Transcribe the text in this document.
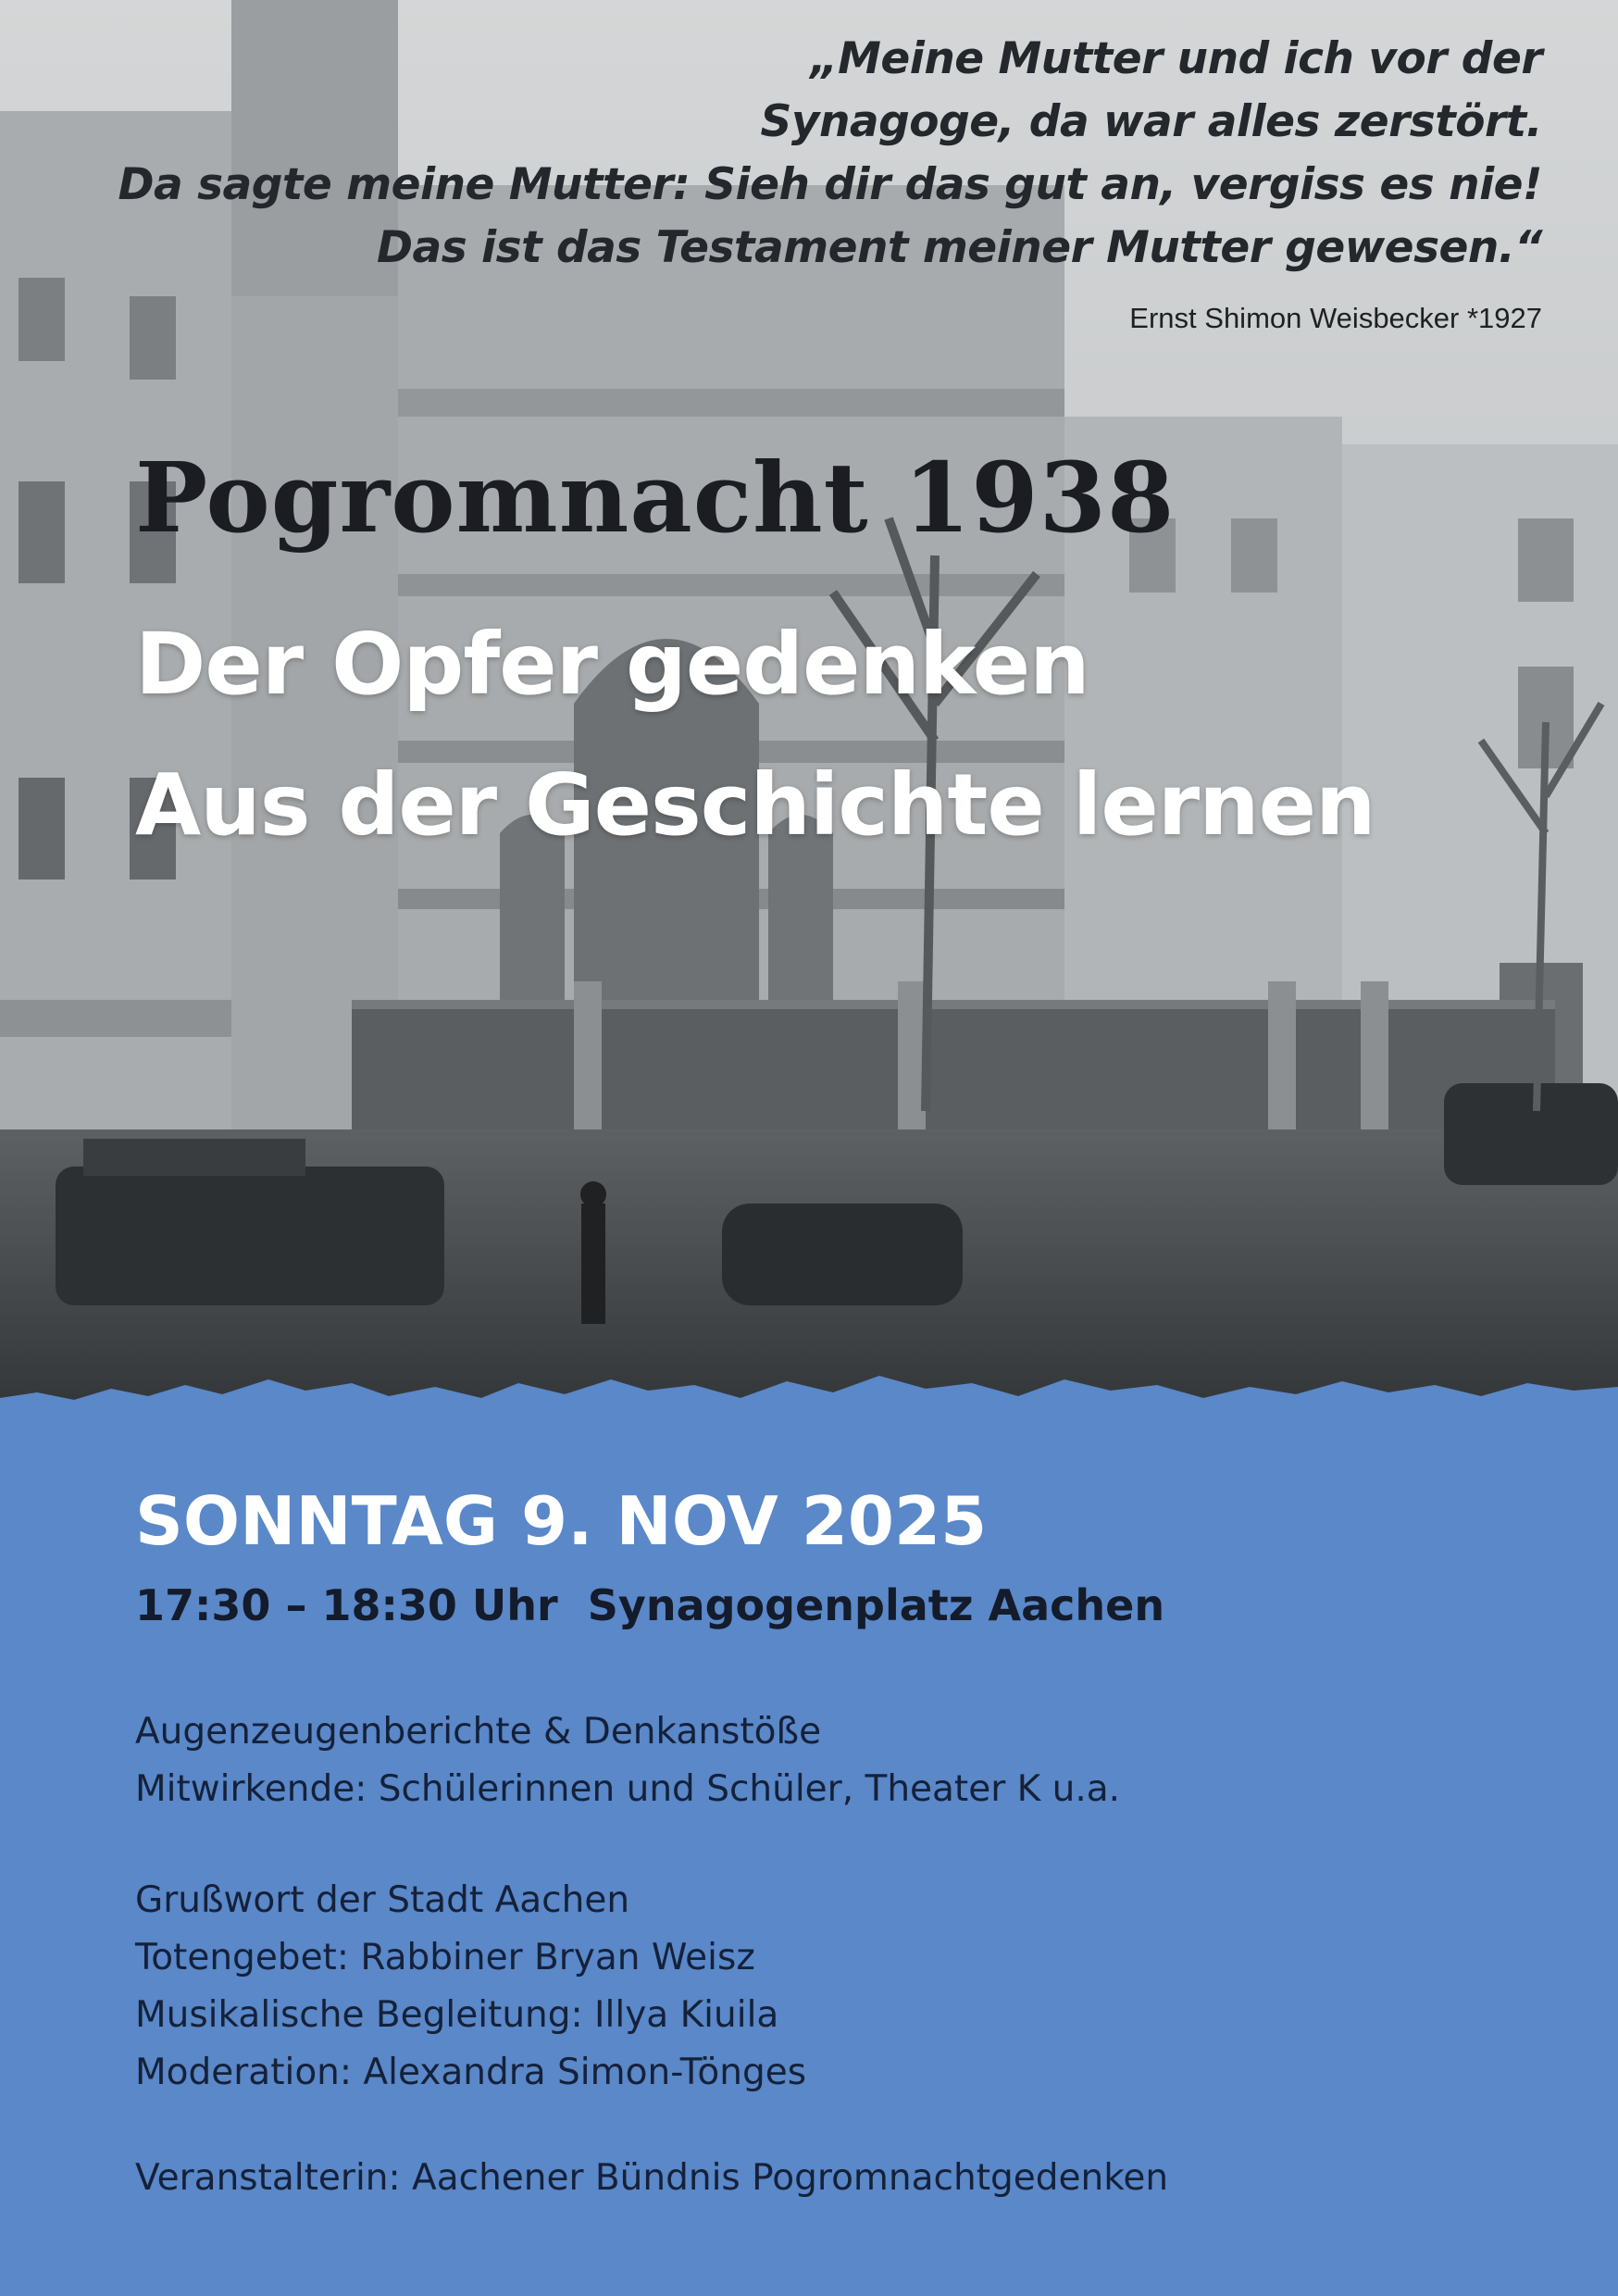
„Meine Mutter und ich vor der
Synagoge, da war alles zerstört.
Da sagte meine Mutter: Sieh dir das gut an, vergiss es nie!
Das ist das Testament meiner Mutter gewesen.“
Ernst Shimon Weisbecker *1927
Pogromnacht 1938
Der Opfer gedenken
Aus der Geschichte lernen
SONNTAG 9. NOV 2025
17:30 – 18:30 Uhr  Synagogenplatz Aachen
Augenzeugenberichte & Denkanstöße
Mitwirkende: Schülerinnen und Schüler, Theater K u.a.
Grußwort der Stadt Aachen
Totengebet: Rabbiner Bryan Weisz
Musikalische Begleitung: Illya Kiuila
Moderation: Alexandra Simon-Tönges
Veranstalterin: Aachener Bündnis Pogromnachtgedenken
